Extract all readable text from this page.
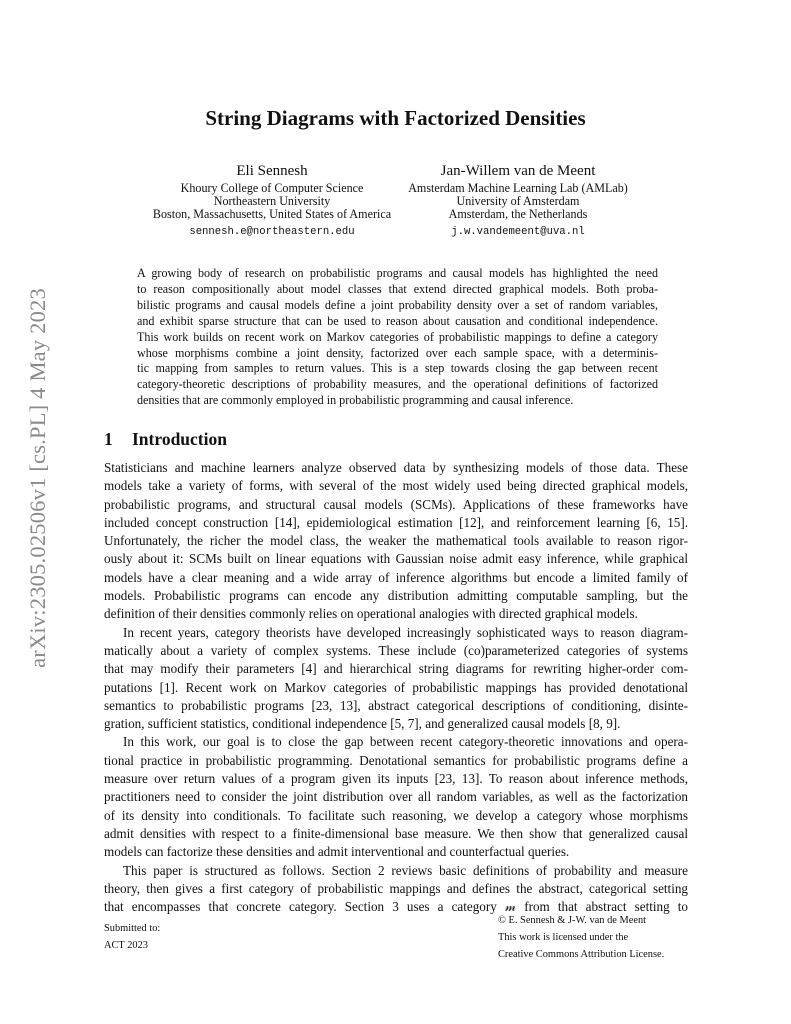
arXiv:2305.02506v1 [cs.PL] 4 May 2023
String Diagrams with Factorized Densities
Eli Sennesh
Khoury College of Computer Science
Northeastern University
Boston, Massachusetts, United States of America
sennesh.e@northeastern.edu
Jan-Willem van de Meent
Amsterdam Machine Learning Lab (AMLab)
University of Amsterdam
Amsterdam, the Netherlands
j.w.vandemeent@uva.nl
A growing body of research on probabilistic programs and causal models has highlighted the need
to reason compositionally about model classes that extend directed graphical models. Both proba-
bilistic programs and causal models define a joint probability density over a set of random variables,
and exhibit sparse structure that can be used to reason about causation and conditional independence.
This work builds on recent work on Markov categories of probabilistic mappings to define a category
whose morphisms combine a joint density, factorized over each sample space, with a determinis-
tic mapping from samples to return values. This is a step towards closing the gap between recent
category-theoretic descriptions of probability measures, and the operational definitions of factorized
densities that are commonly employed in probabilistic programming and causal inference.
1 Introduction
Statisticians and machine learners analyze observed data by synthesizing models of those data. These
models take a variety of forms, with several of the most widely used being directed graphical models,
probabilistic programs, and structural causal models (SCMs). Applications of these frameworks have
included concept construction [14], epidemiological estimation [12], and reinforcement learning [6, 15].
Unfortunately, the richer the model class, the weaker the mathematical tools available to reason rigor-
ously about it: SCMs built on linear equations with Gaussian noise admit easy inference, while graphical
models have a clear meaning and a wide array of inference algorithms but encode a limited family of
models. Probabilistic programs can encode any distribution admitting computable sampling, but the
definition of their densities commonly relies on operational analogies with directed graphical models.
In recent years, category theorists have developed increasingly sophisticated ways to reason diagram-
matically about a variety of complex systems. These include (co)parameterized categories of systems
that may modify their parameters [4] and hierarchical string diagrams for rewriting higher-order com-
putations [1]. Recent work on Markov categories of probabilistic mappings has provided denotational
semantics to probabilistic programs [23, 13], abstract categorical descriptions of conditioning, disinte-
gration, sufficient statistics, conditional independence [5, 7], and generalized causal models [8, 9].
In this work, our goal is to close the gap between recent category-theoretic innovations and opera-
tional practice in probabilistic programming. Denotational semantics for probabilistic programs define a
measure over return values of a program given its inputs [23, 13]. To reason about inference methods,
practitioners need to consider the joint distribution over all random variables, as well as the factorization
of its density into conditionals. To facilitate such reasoning, we develop a category whose morphisms
admit densities with respect to a finite-dimensional base measure. We then show that generalized causal
models can factorize these densities and admit interventional and counterfactual queries.
This paper is structured as follows. Section 2 reviews basic definitions of probability and measure
theory, then gives a first category of probabilistic mappings and defines the abstract, categorical setting
that encompasses that concrete category. Section 3 uses a category 𝓂 from that abstract setting to
Submitted to:
ACT 2023
© E. Sennesh & J-W. van de Meent
This work is licensed under the
Creative Commons Attribution License.
